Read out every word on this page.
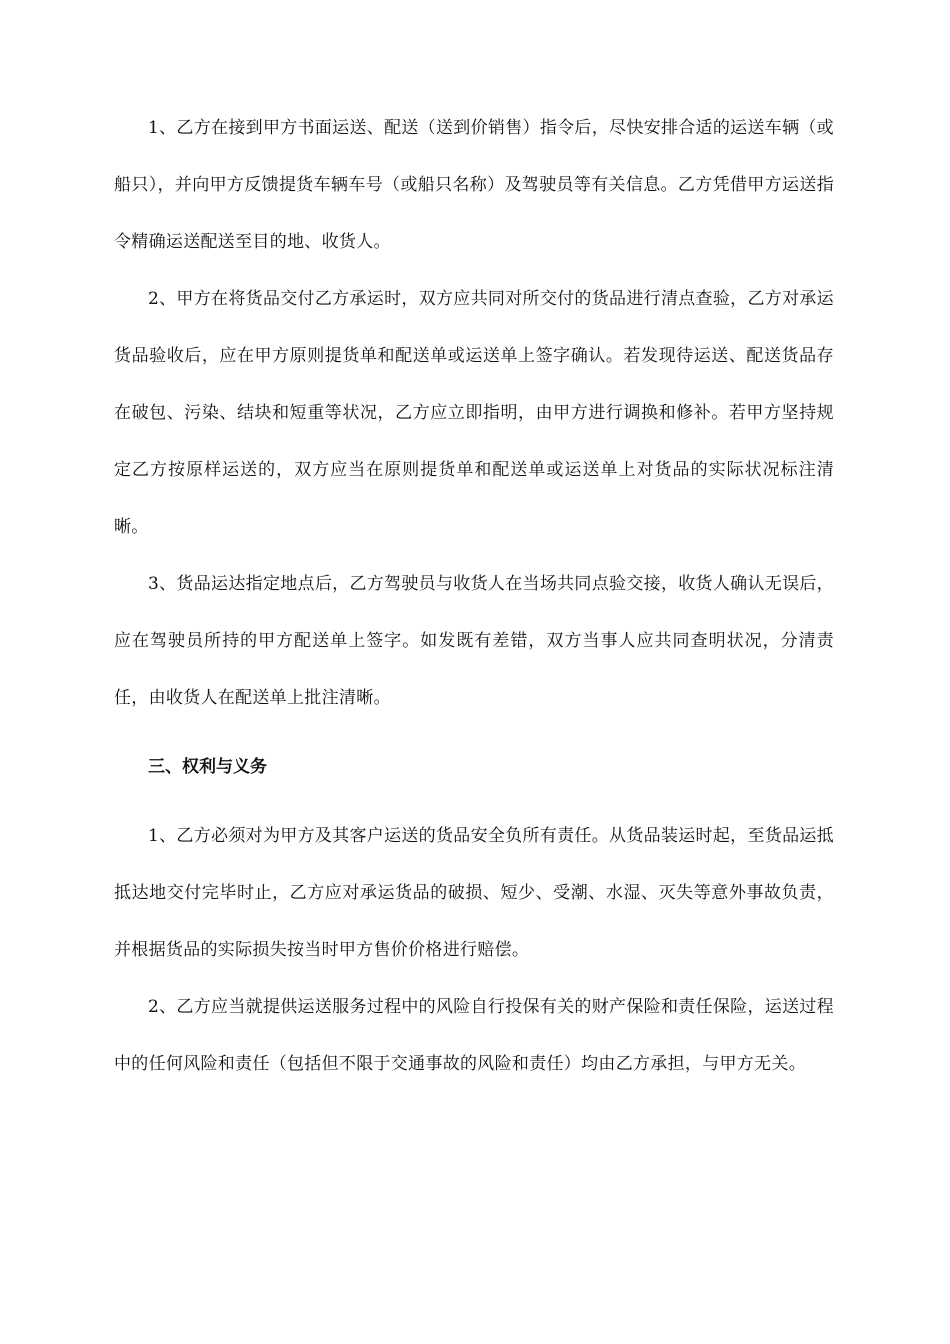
1、乙方在接到甲方书面运送、配送（送到价销售）指令后，尽快安排合适的运送车辆（或船只），并向甲方反馈提货车辆车号（或船只名称）及驾驶员等有关信息。乙方凭借甲方运送指令精确运送配送至目的地、收货人。

2、甲方在将货品交付乙方承运时，双方应共同对所交付的货品进行清点查验，乙方对承运货品验收后，应在甲方原则提货单和配送单或运送单上签字确认。若发现待运送、配送货品存在破包、污染、结块和短重等状况，乙方应立即指明，由甲方进行调换和修补。若甲方坚持规定乙方按原样运送的，双方应当在原则提货单和配送单或运送单上对货品的实际状况标注清晰。

3、货品运达指定地点后，乙方驾驶员与收货人在当场共同点验交接，收货人确认无误后，应在驾驶员所持的甲方配送单上签字。如发既有差错，双方当事人应共同查明状况，分清责任，由收货人在配送单上批注清晰。

三、权利与义务

1、乙方必须对为甲方及其客户运送的货品安全负所有责任。从货品装运时起，至货品运抵抵达地交付完毕时止，乙方应对承运货品的破损、短少、受潮、水湿、灭失等意外事故负责，并根据货品的实际损失按当时甲方售价价格进行赔偿。

2、乙方应当就提供运送服务过程中的风险自行投保有关的财产保险和责任保险，运送过程中的任何风险和责任（包括但不限于交通事故的风险和责任）均由乙方承担，与甲方无关。
